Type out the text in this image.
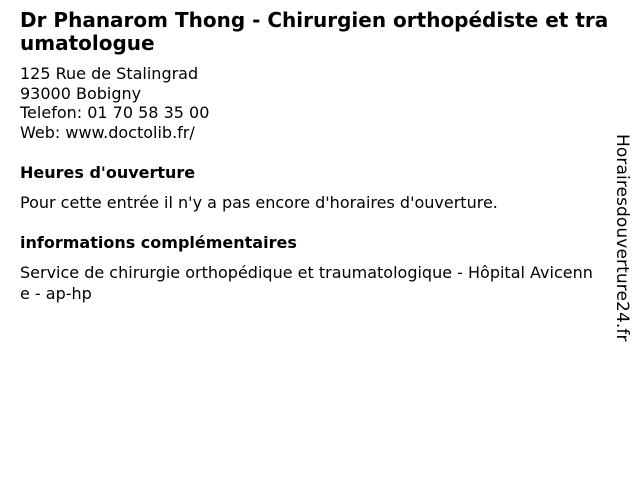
Dr Phanarom Thong - Chirurgien orthopédiste et traumatologue
125 Rue de Stalingrad
93000 Bobigny
Telefon: 01 70 58 35 00
Web: www.doctolib.fr/
Heures d'ouverture
Pour cette entrée il n'y a pas encore d'horaires d'ouverture.
informations complémentaires
Service de chirurgie orthopédique et traumatologique - Hôpital Avicenne - ap-hp	Horairesdouverture24.fr
